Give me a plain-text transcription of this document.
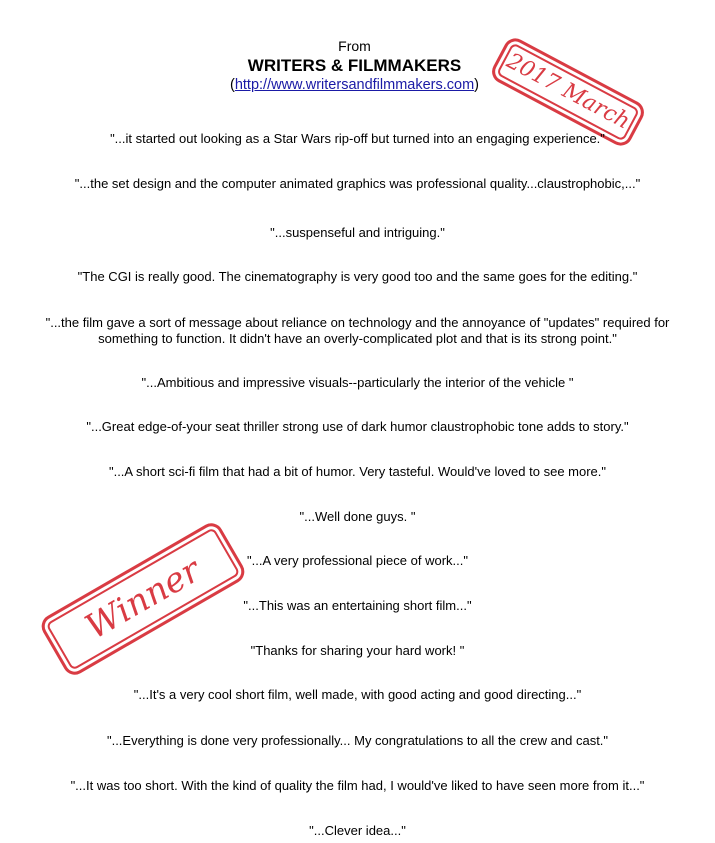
From
WRITERS & FILMMAKERS
(http://www.writersandfilmmakers.com)	2017 March
"...it started out looking as a Star Wars rip-off but turned into an engaging experience."
"...the set design and the computer animated graphics was professional quality...claustrophobic,..."
"...suspenseful and intriguing."
"The CGI is really good. The cinematography is very good too and the same goes for the editing."
"...the film gave a sort of message about reliance on technology and the annoyance of "updates" required for something to function. It didn't have an overly-complicated plot and that is its strong point."
"...Ambitious and impressive visuals--particularly the interior of the vehicle "
"...Great edge-of-your seat thriller strong use of dark humor claustrophobic tone adds to story."
"...A short sci-fi film that had a bit of humor. Very tasteful. Would've loved to see more."
"...Well done guys. "
"...A very professional piece of work..."
"...This was an entertaining short film..."
"Thanks for sharing your hard work! "
"...It's a very cool short film, well made, with good acting and good directing..."
"...Everything is done very professionally... My congratulations to all the crew and cast."
"...It was too short. With the kind of quality the film had, I would've liked to have seen more from it..."
"...Clever idea..."
Winner
